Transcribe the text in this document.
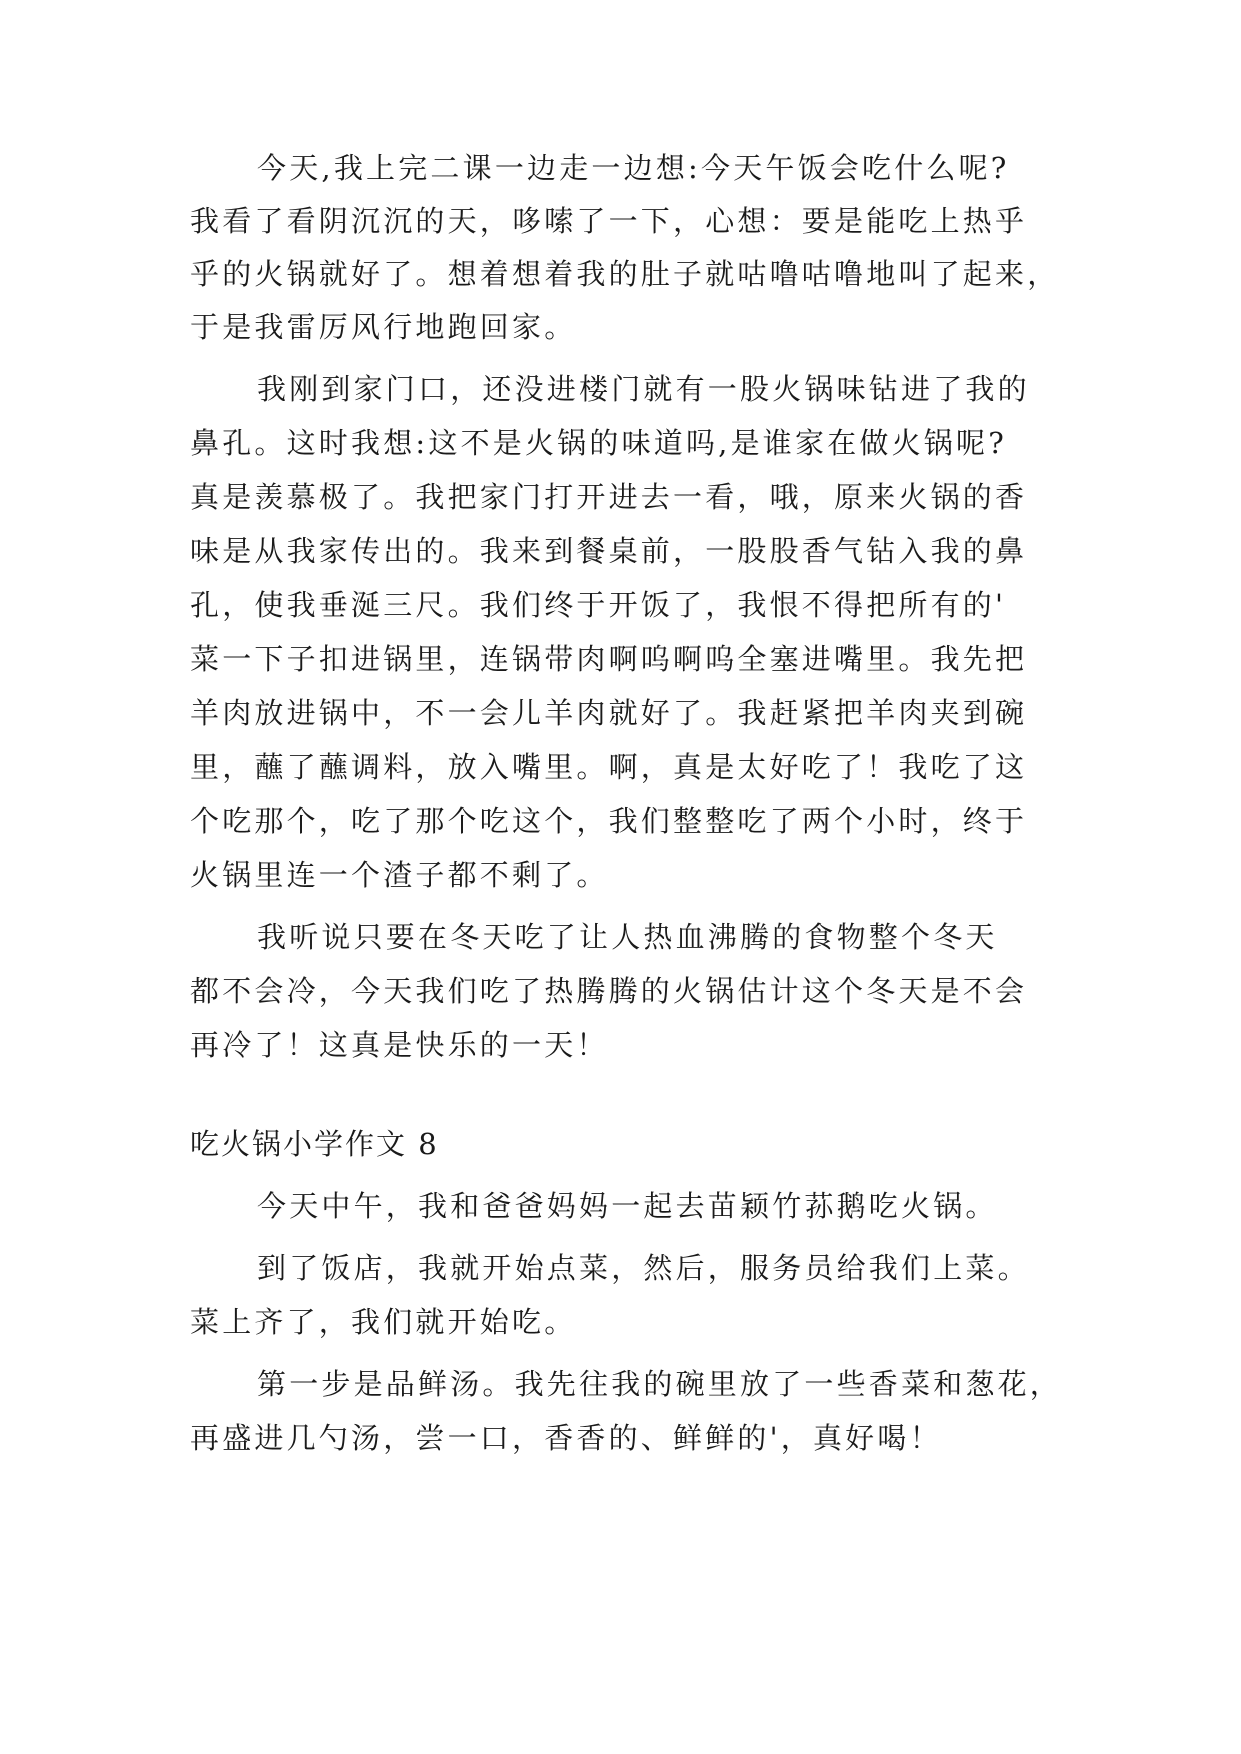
今天,我上完二课一边走一边想:今天午饭会吃什么呢?
我看了看阴沉沉的天，哆嗦了一下，心想：要是能吃上热乎
乎的火锅就好了。想着想着我的肚子就咕噜咕噜地叫了起来，
于是我雷厉风行地跑回家。
我刚到家门口，还没进楼门就有一股火锅味钻进了我的
鼻孔。这时我想:这不是火锅的味道吗,是谁家在做火锅呢?
真是羡慕极了。我把家门打开进去一看，哦，原来火锅的香
味是从我家传出的。我来到餐桌前，一股股香气钻入我的鼻
孔，使我垂涎三尺。我们终于开饭了，我恨不得把所有的'
菜一下子扣进锅里，连锅带肉啊呜啊呜全塞进嘴里。我先把
羊肉放进锅中，不一会儿羊肉就好了。我赶紧把羊肉夹到碗
里，蘸了蘸调料，放入嘴里。啊，真是太好吃了！我吃了这
个吃那个，吃了那个吃这个，我们整整吃了两个小时，终于
火锅里连一个渣子都不剩了。
我听说只要在冬天吃了让人热血沸腾的食物整个冬天
都不会冷，今天我们吃了热腾腾的火锅估计这个冬天是不会
再冷了！这真是快乐的一天！
吃火锅小学作文 8
今天中午，我和爸爸妈妈一起去苗颖竹荪鹅吃火锅。
到了饭店，我就开始点菜，然后，服务员给我们上菜。
菜上齐了，我们就开始吃。
第一步是品鲜汤。我先往我的碗里放了一些香菜和葱花，
再盛进几勺汤，尝一口，香香的、鲜鲜的'，真好喝！
